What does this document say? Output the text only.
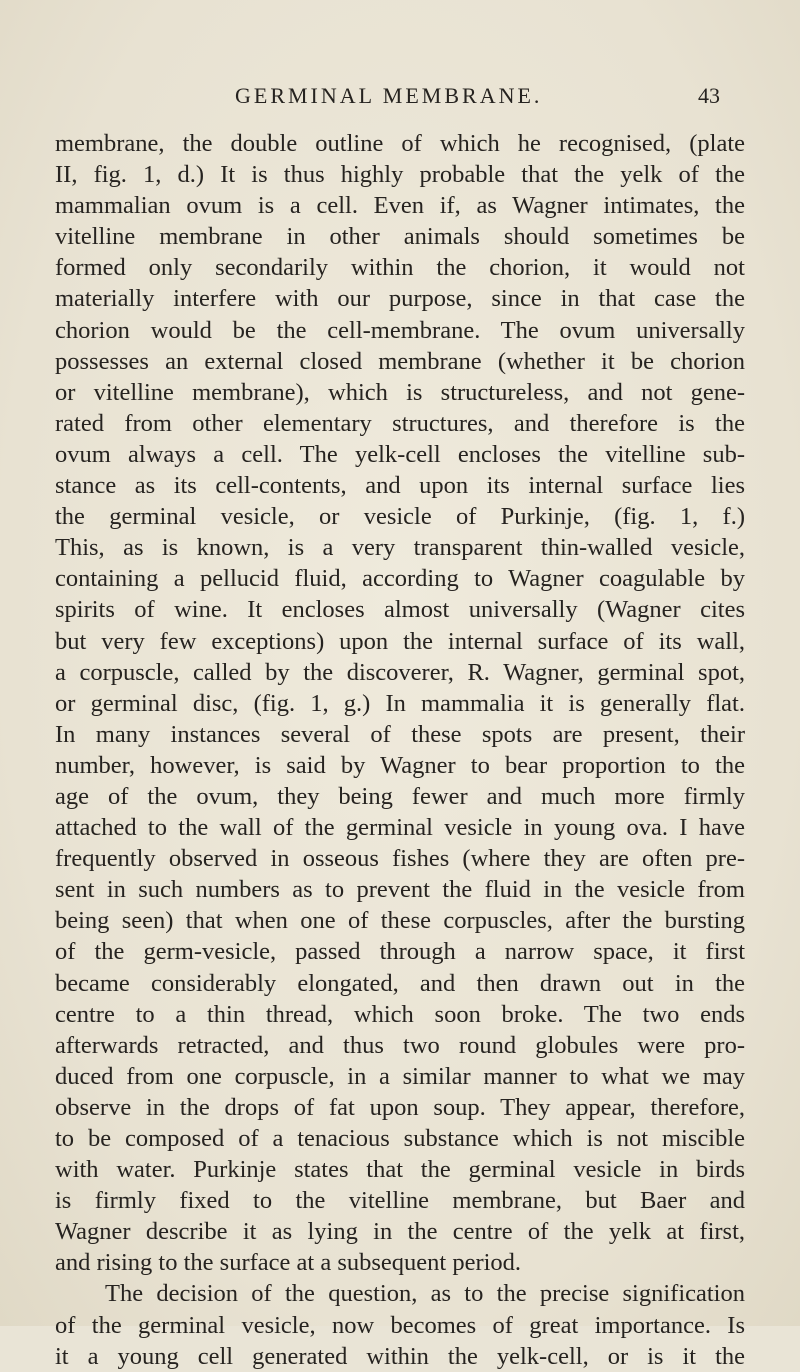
GERMINAL MEMBRANE.	43
membrane, the double outline of which he recognised, (plate
II, fig. 1, d.) It is thus highly probable that the yelk of the
mammalian ovum is a cell. Even if, as Wagner intimates, the
vitelline membrane in other animals should sometimes be
formed only secondarily within the chorion, it would not
materially interfere with our purpose, since in that case the
chorion would be the cell-membrane. The ovum universally
possesses an external closed membrane (whether it be chorion
or vitelline membrane), which is structureless, and not gene-
rated from other elementary structures, and therefore is the
ovum always a cell. The yelk-cell encloses the vitelline sub-
stance as its cell-contents, and upon its internal surface lies
the germinal vesicle, or vesicle of Purkinje, (fig. 1, f.)
This, as is known, is a very transparent thin-walled vesicle,
containing a pellucid fluid, according to Wagner coagulable by
spirits of wine. It encloses almost universally (Wagner cites
but very few exceptions) upon the internal surface of its wall,
a corpuscle, called by the discoverer, R. Wagner, germinal spot,
or germinal disc, (fig. 1, g.) In mammalia it is generally flat.
In many instances several of these spots are present, their
number, however, is said by Wagner to bear proportion to the
age of the ovum, they being fewer and much more firmly
attached to the wall of the germinal vesicle in young ova. I have
frequently observed in osseous fishes (where they are often pre-
sent in such numbers as to prevent the fluid in the vesicle from
being seen) that when one of these corpuscles, after the bursting
of the germ-vesicle, passed through a narrow space, it first
became considerably elongated, and then drawn out in the
centre to a thin thread, which soon broke. The two ends
afterwards retracted, and thus two round globules were pro-
duced from one corpuscle, in a similar manner to what we may
observe in the drops of fat upon soup. They appear, therefore,
to be composed of a tenacious substance which is not miscible
with water. Purkinje states that the germinal vesicle in birds
is firmly fixed to the vitelline membrane, but Baer and
Wagner describe it as lying in the centre of the yelk at first,
and rising to the surface at a subsequent period.
The decision of the question, as to the precise signification
of the germinal vesicle, now becomes of great importance. Is
it a young cell generated within the yelk-cell, or is it the
